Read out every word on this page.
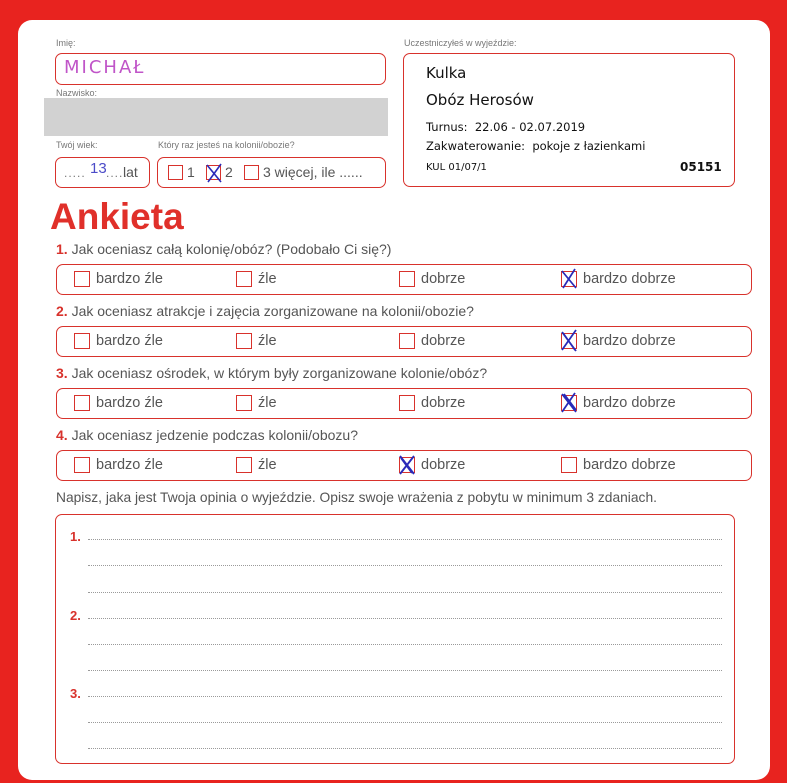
Imię:
MICHAŁ
Nazwisko:
Twój wiek:
..... 13 .....
lat
Który raz jesteś na kolonii/obozie?
1 2 3 więcej, ile ......
Uczestniczyłeś w wyjeździe:
Kulka
Obóz Herosów
Turnus: 22.06 - 02.07.2019
Zakwaterowanie: pokoje z łazienkami
KUL 01/07/1	05151
Ankieta
1. Jak oceniasz całą kolonię/obóz? (Podobało Ci się?)
bardzo źle	źle	dobrze	bardzo dobrze
2. Jak oceniasz atrakcje i zajęcia zorganizowane na kolonii/obozie?
bardzo źle	źle	dobrze	bardzo dobrze
3. Jak oceniasz ośrodek, w którym były zorganizowane kolonie/obóz?
bardzo źle	źle	dobrze	bardzo dobrze
4. Jak oceniasz jedzenie podczas kolonii/obozu?
bardzo źle	źle	dobrze	bardzo dobrze
Napisz, jaka jest Twoja opinia o wyjeździe. Opisz swoje wrażenia z pobytu w minimum 3 zdaniach.
1.
2.
3.
